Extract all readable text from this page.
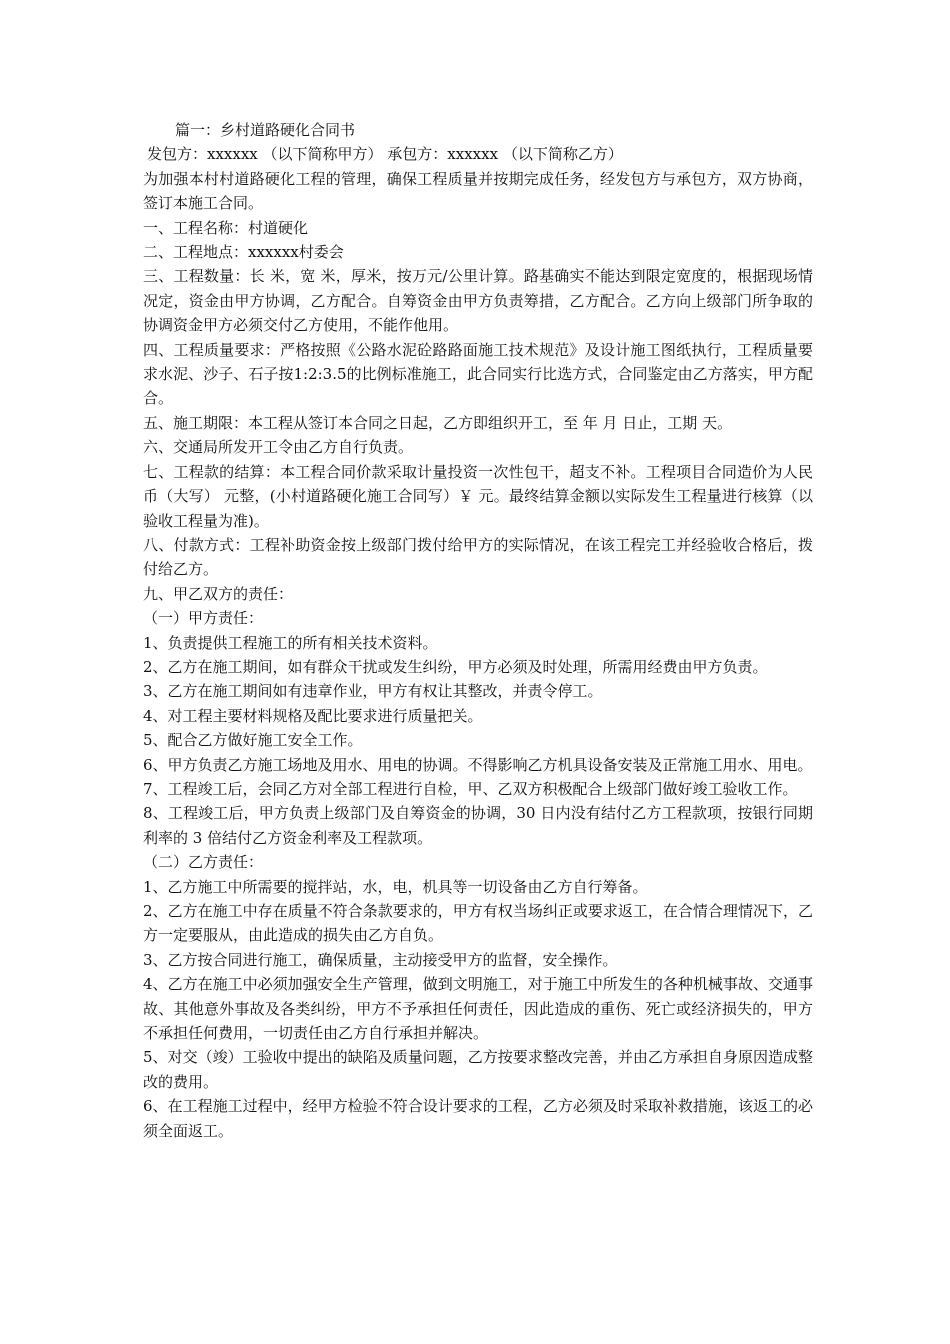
篇一：乡村道路硬化合同书

发包方：xxxxxx （以下简称甲方） 承包方：xxxxxx （以下简称乙方）

为加强本村村道路硬化工程的管理，确保工程质量并按期完成任务，经发包方与承包方，双方协商，签订本施工合同。

一、工程名称：村道硬化

二、工程地点：xxxxxx村委会

三、工程数量：长 米，宽 米，厚米，按万元/公里计算。路基确实不能达到限定宽度的，根据现场情况定，资金由甲方协调，乙方配合。自筹资金由甲方负责筹措，乙方配合。乙方向上级部门所争取的协调资金甲方必须交付乙方使用，不能作他用。

四、工程质量要求：严格按照《公路水泥砼路路面施工技术规范》及设计施工图纸执行，工程质量要求水泥、沙子、石子按1:2:3.5的比例标准施工，此合同实行比选方式，合同鉴定由乙方落实，甲方配合。

五、施工期限：本工程从签订本合同之日起，乙方即组织开工，至 年 月 日止，工期 天。

六、交通局所发开工令由乙方自行负责。

七、工程款的结算：本工程合同价款采取计量投资一次性包干，超支不补。工程项目合同造价为人民币（大写） 元整，(小村道路硬化施工合同写）￥ 元。最终结算金额以实际发生工程量进行核算（以验收工程量为准)。

八、付款方式：工程补助资金按上级部门拨付给甲方的实际情况，在该工程完工并经验收合格后，拨付给乙方。

九、甲乙双方的责任：

（一）甲方责任：

1、负责提供工程施工的所有相关技术资料。

2、乙方在施工期间，如有群众干扰或发生纠纷，甲方必须及时处理，所需用经费由甲方负责。

3、乙方在施工期间如有违章作业，甲方有权让其整改，并责令停工。

4、对工程主要材料规格及配比要求进行质量把关。

5、配合乙方做好施工安全工作。

6、甲方负责乙方施工场地及用水、用电的协调。不得影响乙方机具设备安装及正常施工用水、用电。

7、工程竣工后，会同乙方对全部工程进行自检，甲、乙双方积极配合上级部门做好竣工验收工作。

8、工程竣工后，甲方负责上级部门及自筹资金的协调，30 日内没有结付乙方工程款项，按银行同期利率的 3 倍结付乙方资金利率及工程款项。

（二）乙方责任：

1、乙方施工中所需要的搅拌站，水，电，机具等一切设备由乙方自行筹备。

2、乙方在施工中存在质量不符合条款要求的，甲方有权当场纠正或要求返工，在合情合理情况下，乙方一定要服从，由此造成的损失由乙方自负。

3、乙方按合同进行施工，确保质量，主动接受甲方的监督，安全操作。

4、乙方在施工中必须加强安全生产管理，做到文明施工，对于施工中所发生的各种机械事故、交通事故、其他意外事故及各类纠纷，甲方不予承担任何责任，因此造成的重伤、死亡或经济损失的，甲方不承担任何费用，一切责任由乙方自行承担并解决。

5、对交（竣）工验收中提出的缺陷及质量问题，乙方按要求整改完善，并由乙方承担自身原因造成整改的费用。

6、在工程施工过程中，经甲方检验不符合设计要求的工程，乙方必须及时采取补救措施，该返工的必须全面返工。
